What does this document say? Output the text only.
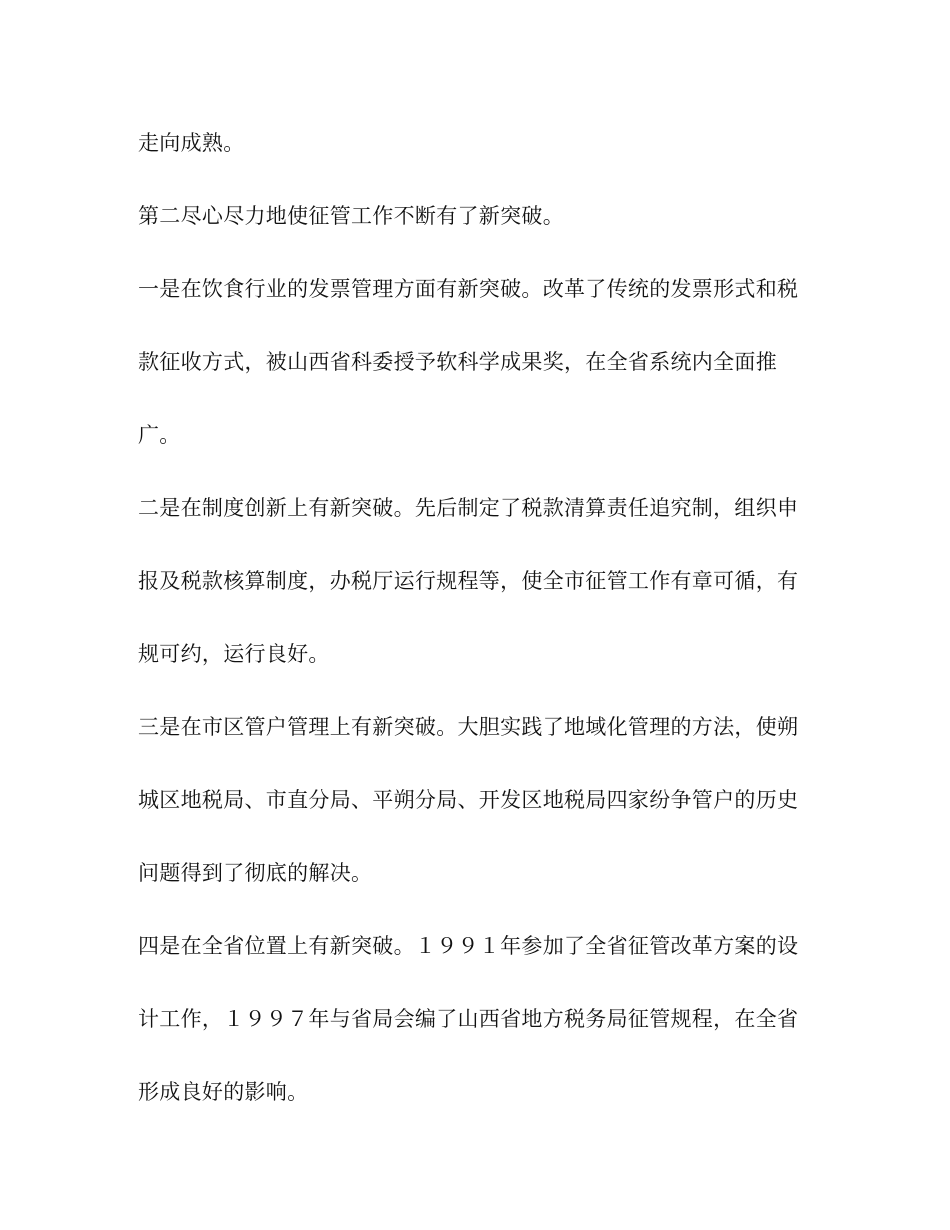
走向成熟。

第二尽心尽力地使征管工作不断有了新突破。

一是在饮食行业的发票管理方面有新突破。改革了传统的发票形式和税

款征收方式，被山西省科委授予软科学成果奖，在全省系统内全面推

广。

二是在制度创新上有新突破。先后制定了税款清算责任追究制，组织申

报及税款核算制度，办税厅运行规程等，使全市征管工作有章可循，有

规可约，运行良好。

三是在市区管户管理上有新突破。大胆实践了地域化管理的方法，使朔

城区地税局、市直分局、平朔分局、开发区地税局四家纷争管户的历史

问题得到了彻底的解决。

四是在全省位置上有新突破。１９９１年参加了全省征管改革方案的设

计工作，１９９７年与省局会编了山西省地方税务局征管规程，在全省

形成良好的影响。
